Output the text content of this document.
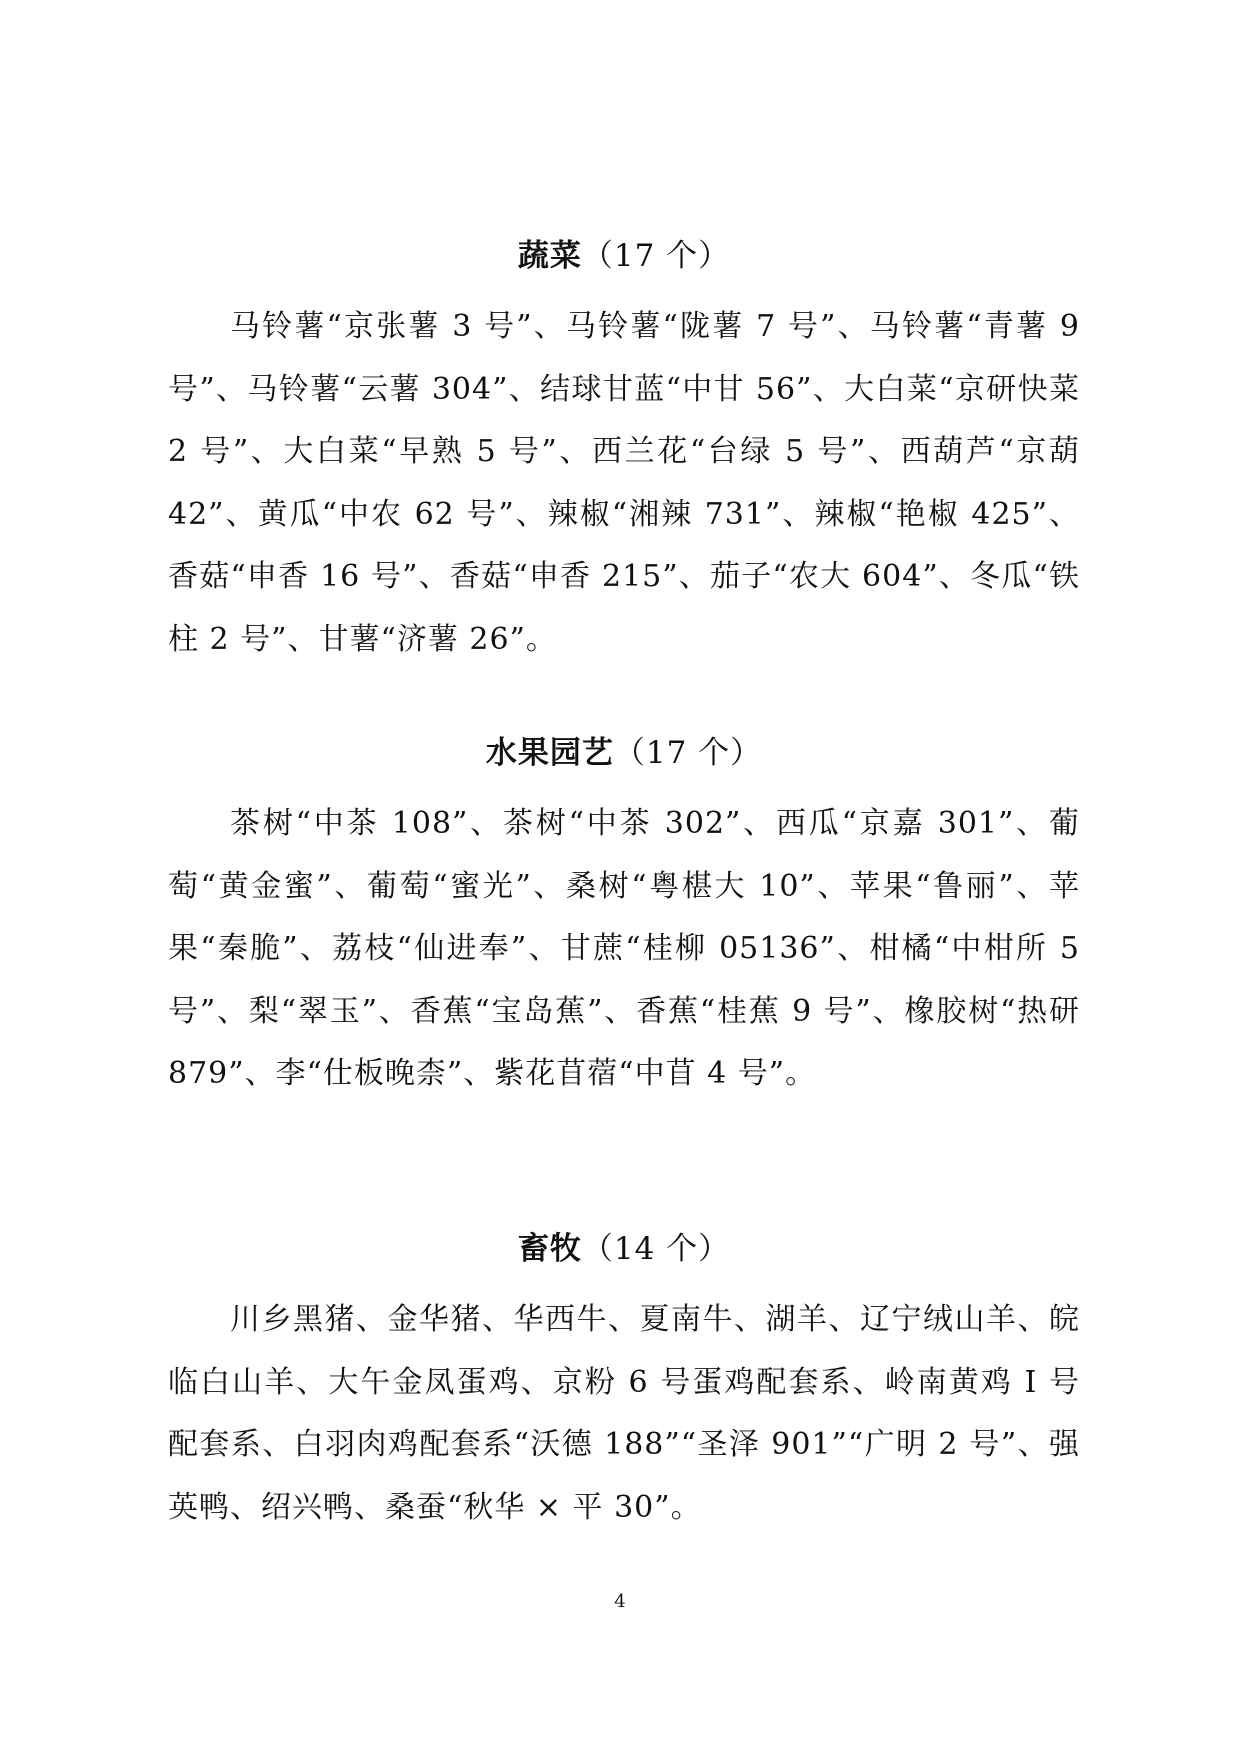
蔬菜（17 个）

马铃薯“京张薯 3 号”、马铃薯“陇薯 7 号”、马铃薯“青薯 9 号”、马铃薯“云薯 304”、结球甘蓝“中甘 56”、大白菜“京研快菜 2 号”、大白菜“早熟 5 号”、西兰花“台绿 5 号”、西葫芦“京葫 42”、黄瓜“中农 62 号”、辣椒“湘辣 731”、辣椒“艳椒 425”、香菇“申香 16 号”、香菇“申香 215”、茄子“农大 604”、冬瓜“铁柱 2 号”、甘薯“济薯 26”。

水果园艺（17 个）

茶树“中茶 108”、茶树“中茶 302”、西瓜“京嘉 301”、葡萄“黄金蜜”、葡萄“蜜光”、桑树“粤椹大 10”、苹果“鲁丽”、苹果“秦脆”、荔枝“仙进奉”、甘蔗“桂柳 05136”、柑橘“中柑所 5 号”、梨“翠玉”、香蕉“宝岛蕉”、香蕉“桂蕉 9 号”、橡胶树“热研 879”、李“仕板晚柰”、紫花苜蓿“中苜 4 号”。

畜牧（14 个）

川乡黑猪、金华猪、华西牛、夏南牛、湖羊、辽宁绒山羊、皖临白山羊、大午金凤蛋鸡、京粉 6 号蛋鸡配套系、岭南黄鸡 I 号配套系、白羽肉鸡配套系“沃德 188”“圣泽 901”“广明 2 号”、强英鸭、绍兴鸭、桑蚕“秋华 × 平 30”。

4
